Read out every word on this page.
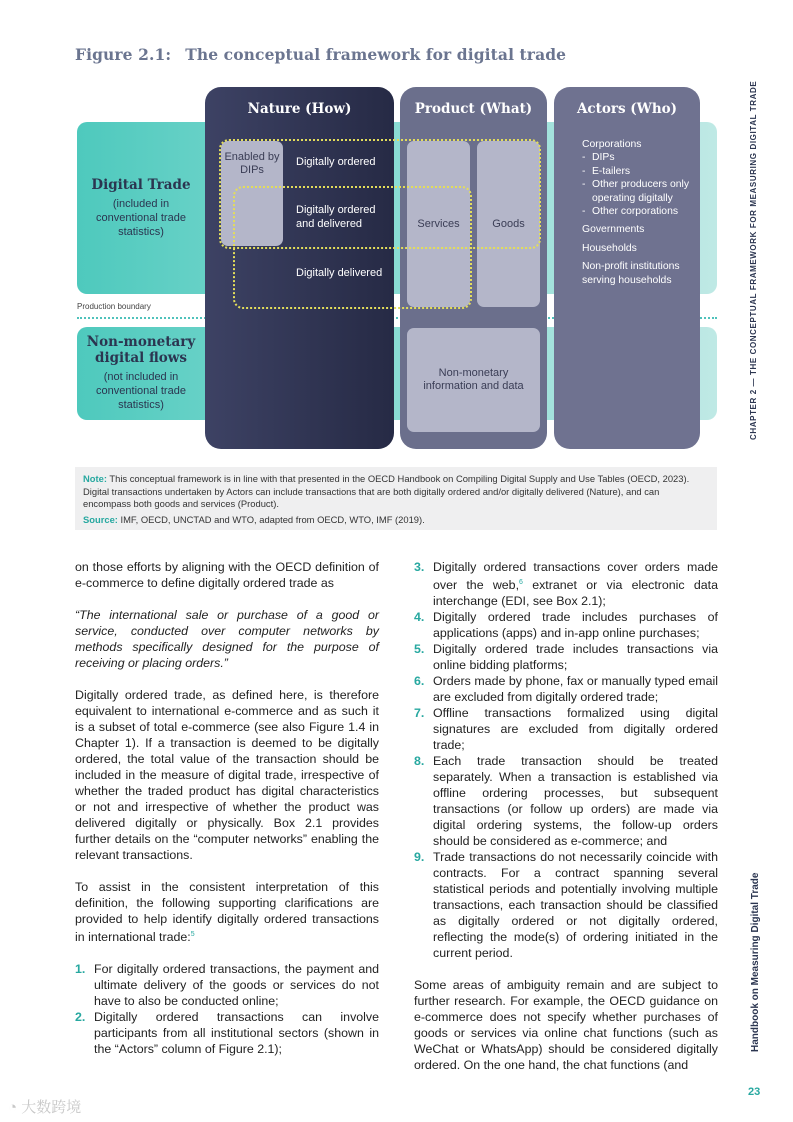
Figure 2.1: The conceptual framework for digital trade
Digital Trade
(included in conventional trade statistics)
Non-monetary digital flows
(not included in conventional trade statistics)
Production boundary
Nature (How)	Product (What)	Actors (Who)
Enabled by DIPs
Digitally ordered
Digitally ordered and delivered
Digitally delivered
Services	Goods
Non-monetary information and data
Corporations
- DIPs
- E-tailers
- Other producers only operating digitally
- Other corporations
Governments
Households
Non-profit institutions serving households
Note: This conceptual framework is in line with that presented in the OECD Handbook on Compiling Digital Supply and Use Tables (OECD, 2023). Digital transactions undertaken by Actors can include transactions that are both digitally ordered and/or digitally delivered (Nature), and can encompass both goods and services (Product).
Source: IMF, OECD, UNCTAD and WTO, adapted from OECD, WTO, IMF (2019).

on those efforts by aligning with the OECD definition of e-commerce to define digitally ordered trade as

“The international sale or purchase of a good or service, conducted over computer networks by methods specifically designed for the purpose of receiving or placing orders.”

Digitally ordered trade, as defined here, is therefore equivalent to international e-commerce and as such it is a subset of total e-commerce (see also Figure 1.4 in Chapter 1). If a transaction is deemed to be digitally ordered, the total value of the transaction should be included in the measure of digital trade, irrespective of whether the traded product has digital characteristics or not and irrespective of whether the product was delivered digitally or physically. Box 2.1 provides further details on the “computer networks” enabling the relevant transactions.

To assist in the consistent interpretation of this definition, the following supporting clarifications are provided to help identify digitally ordered transactions in international trade:$^5$

1. For digitally ordered transactions, the payment and ultimate delivery of the goods or services do not have to also be conducted online;
2. Digitally ordered transactions can involve participants from all institutional sectors (shown in the “Actors” column of Figure 2.1);
3. Digitally ordered transactions cover orders made over the web,$^6$ extranet or via electronic data interchange (EDI, see Box 2.1);
4. Digitally ordered trade includes purchases of applications (apps) and in-app online purchases;
5. Digitally ordered trade includes transactions via online bidding platforms;
6. Orders made by phone, fax or manually typed email are excluded from digitally ordered trade;
7. Offline transactions formalized using digital signatures are excluded from digitally ordered trade;
8. Each trade transaction should be treated separately. When a transaction is established via offline ordering processes, but subsequent transactions (or follow up orders) are made via digital ordering systems, the follow-up orders should be considered as e-commerce; and
9. Trade transactions do not necessarily coincide with contracts. For a contract spanning several statistical periods and potentially involving multiple transactions, each transaction should be classified as digitally ordered or not digitally ordered, reflecting the mode(s) of ordering initiated in the current period.

Some areas of ambiguity remain and are subject to further research. For example, the OECD guidance on e-commerce does not specify whether purchases of goods or services via online chat functions (such as WeChat or WhatsApp) should be considered digitally ordered. On the one hand, the chat functions (and

CHAPTER 2 — THE CONCEPTUAL FRAMEWORK FOR MEASURING DIGITAL TRADE
Handbook on Measuring Digital Trade
23
◔ 大数跨境
